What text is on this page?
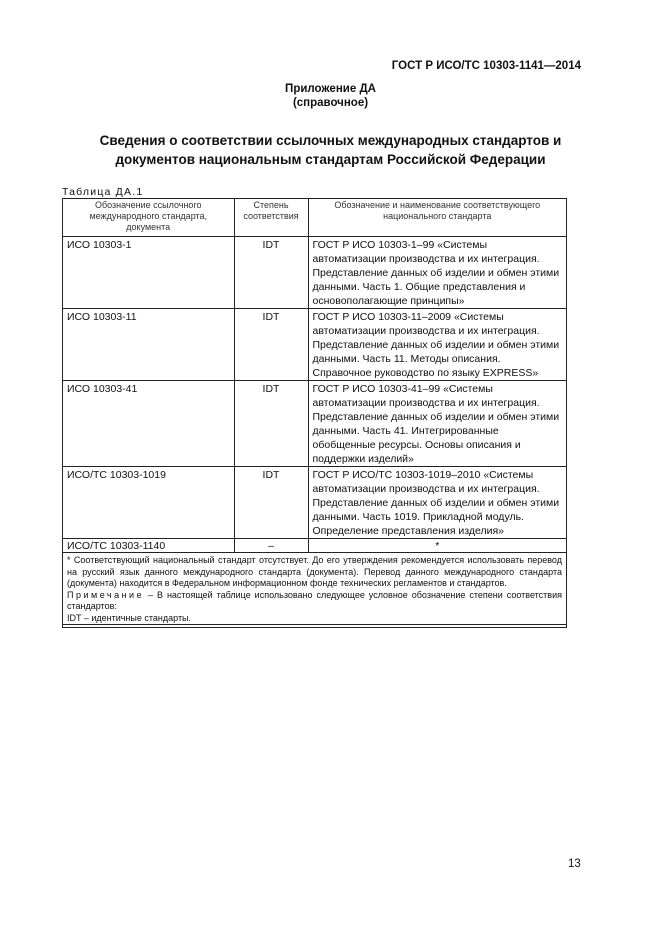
ГОСТ Р ИСО/ТС 10303-1141—2014
Приложение ДА
(справочное)
Сведения о соответствии ссылочных международных стандартов и
документов национальным стандартам Российской Федерации
Таблица ДА.1
Обозначение ссылочного международного стандарта, документа	Степень соответствия	Обозначение и наименование соответствующего национального стандарта
ИСО 10303-1	IDT	ГОСТ Р ИСО 10303-1–99 «Системы автоматизации производства и их интеграция. Представление данных об изделии и обмен этими данными. Часть 1. Общие представления и основополагающие принципы»
ИСО 10303-11	IDT	ГОСТ Р ИСО 10303-11–2009 «Системы автоматизации производства и их интеграция. Представление данных об изделии и обмен этими данными. Часть 11. Методы описания. Справочное руководство по языку EXPRESS»
ИСО 10303-41	IDT	ГОСТ Р ИСО 10303-41–99 «Системы автоматизации производства и их интеграция. Представление данных об изделии и обмен этими данными. Часть 41. Интегрированные обобщенные ресурсы. Основы описания и поддержки изделий»
ИСО/ТС 10303-1019	IDT	ГОСТ Р ИСО/ТС 10303-1019–2010 «Системы автоматизации производства и их интеграция. Представление данных об изделии и обмен этими данными. Часть 1019. Прикладной модуль. Определение представления изделия»
ИСО/ТС 10303-1140	–	*

* Соответствующий национальный стандарт отсутствует. До его утверждения рекомендуется использовать перевод на русский язык данного международного стандарта (документа). Перевод данного международного стандарта (документа) находится в Федеральном информационном фонде технических регламентов и стандартов.
Примечание – В настоящей таблице использовано следующее условное обозначение степени соответствия стандартов:
IDT – идентичные стандарты.		
13
